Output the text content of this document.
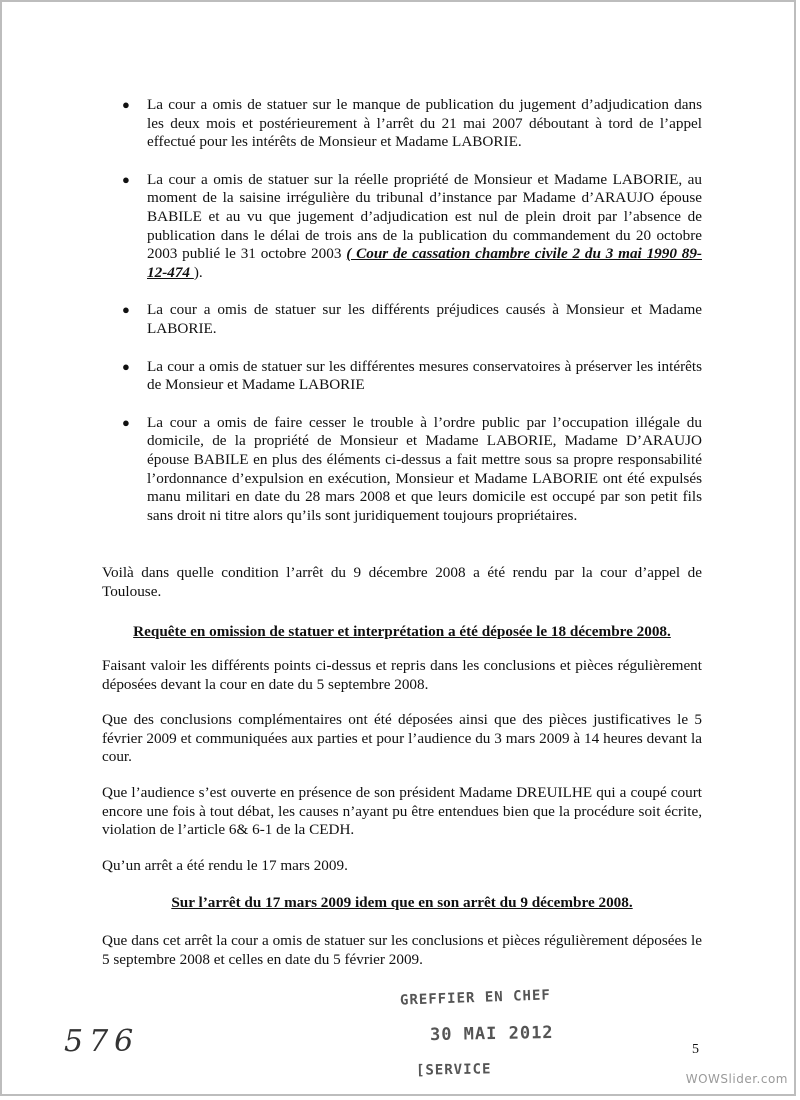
● La cour a omis de statuer sur le manque de publication du jugement d’adjudication dans les deux mois et postérieurement à l’arrêt du 21 mai 2007 déboutant à tord de l’appel effectué pour les intérêts de Monsieur et Madame LABORIE.
● La cour a omis de statuer sur la réelle propriété de Monsieur et Madame LABORIE, au moment de la saisine irrégulière du tribunal d’instance par Madame d’ARAUJO épouse BABILE et au vu que jugement d’adjudication est nul de plein droit par l’absence de publication dans le délai de trois ans de la publication du commandement du 20 octobre 2003 publié le 31 octobre 2003 ( Cour de cassation chambre civile 2 du 3 mai 1990 89-12-474 ).
● La cour a omis de statuer sur les différents préjudices causés à Monsieur et Madame LABORIE.
● La cour a omis de statuer sur les différentes mesures conservatoires à préserver les intérêts de Monsieur et Madame LABORIE
● La cour a omis de faire cesser le trouble à l’ordre public par l’occupation illégale du domicile, de la propriété de Monsieur et Madame LABORIE, Madame D’ARAUJO épouse BABILE en plus des éléments ci-dessus a fait mettre sous sa propre responsabilité l’ordonnance d’expulsion en exécution, Monsieur et Madame LABORIE ont été expulsés manu militari en date du 28 mars 2008 et que leurs domicile est occupé par son petit fils sans droit ni titre alors qu’ils sont juridiquement toujours propriétaires.

Voilà dans quelle condition l’arrêt du 9 décembre 2008 a été rendu par la cour d’appel de Toulouse.

Requête en omission de statuer et interprétation a été déposée le 18 décembre 2008.

Faisant valoir les différents points ci-dessus et repris dans les conclusions et pièces régulièrement déposées devant la cour en date du 5 septembre 2008.

Que des conclusions complémentaires ont été déposées ainsi que des pièces justificatives le 5 février 2009 et communiquées aux parties et pour l’audience du 3 mars 2009 à 14 heures devant la cour.

Que l’audience s’est ouverte en présence de son président Madame DREUILHE qui a coupé court encore une fois à tout débat, les causes n’ayant pu être entendues bien que la procédure soit écrite, violation de l’article 6& 6-1 de la CEDH.

Qu’un arrêt a été rendu le 17 mars 2009.

Sur l’arrêt du 17 mars 2009 idem que en son arrêt du 9 décembre 2008.

Que dans cet arrêt la cour a omis de statuer sur les conclusions et pièces régulièrement déposées le 5 septembre 2008 et celles en date du 5 février 2009.

GREFFIER EN CHEF
30 MAI 2012
[SERVICE
576	5
WOWSlider.com
